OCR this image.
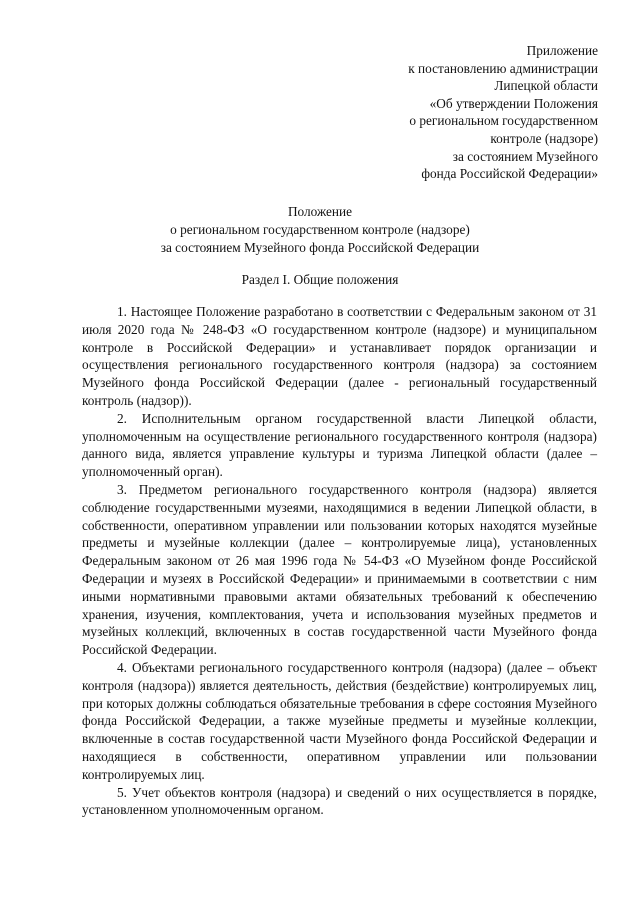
Приложение
к постановлению администрации
Липецкой области
«Об утверждении Положения
о региональном государственном
контроле (надзоре)
за состоянием Музейного
фонда Российской Федерации»
Положение
о региональном государственном контроле (надзоре)
за состоянием Музейного фонда Российской Федерации
Раздел I. Общие положения

1. Настоящее Положение разработано в соответствии с Федеральным законом от 31 июля 2020 года № 248-ФЗ «О государственном контроле (надзоре) и муниципальном контроле в Российской Федерации» и устанавливает порядок организации и осуществления регионального государственного контроля (надзора) за состоянием Музейного фонда Российской Федерации (далее - региональный государственный контроль (надзор)).

2. Исполнительным органом государственной власти Липецкой области, уполномоченным на осуществление регионального государственного контроля (надзора) данного вида, является управление культуры и туризма Липецкой области (далее – уполномоченный орган).

3. Предметом регионального государственного контроля (надзора) является соблюдение государственными музеями, находящимися в ведении Липецкой области, в собственности, оперативном управлении или пользовании которых находятся музейные предметы и музейные коллекции (далее – контролируемые лица), установленных Федеральным законом от 26 мая 1996 года № 54-ФЗ «О Музейном фонде Российской Федерации и музеях в Российской Федерации» и принимаемыми в соответствии с ним иными нормативными правовыми актами обязательных требований к обеспечению хранения, изучения, комплектования, учета и использования музейных предметов и музейных коллекций, включенных в состав государственной части Музейного фонда Российской Федерации.

4. Объектами регионального государственного контроля (надзора) (далее – объект контроля (надзора)) является деятельность, действия (бездействие) контролируемых лиц, при которых должны соблюдаться обязательные требования в сфере состояния Музейного фонда Российской Федерации, а также музейные предметы и музейные коллекции, включенные в состав государственной части Музейного фонда Российской Федерации и находящиеся в собственности, оперативном управлении или пользовании контролируемых лиц.

5. Учет объектов контроля (надзора) и сведений о них осуществляется в порядке, установленном уполномоченным органом.
